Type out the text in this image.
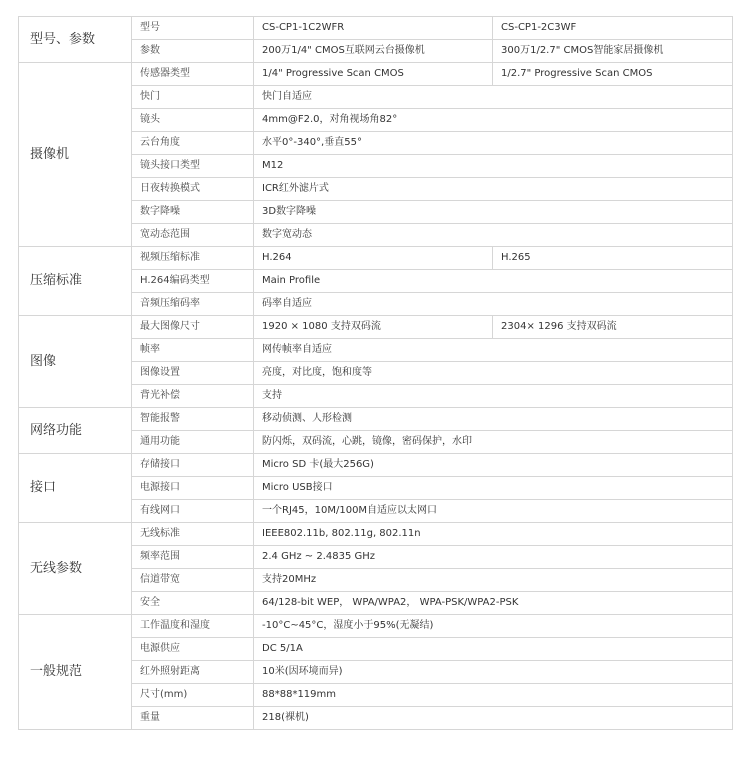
型号、参数	型号	CS-CP1-1C2WFR	CS-CP1-2C3WF
	参数	200万1/4" CMOS互联网云台摄像机	300万1/2.7" CMOS智能家居摄像机
摄像机	传感器类型	1/4" Progressive Scan CMOS	1/2.7" Progressive Scan CMOS
	快门	快门自适应	
	镜头	4mm@F2.0，对角视场角82°	
	云台角度	水平0°-340°,垂直55°	
	镜头接口类型	M12	
	日夜转换模式	ICR红外滤片式	
	数字降噪	3D数字降噪	
	宽动态范围	数字宽动态	
压缩标准	视频压缩标准	H.264	H.265
	H.264编码类型	Main Profile	
	音频压缩码率	码率自适应	
图像	最大图像尺寸	1920 × 1080 支持双码流	2304× 1296 支持双码流
	帧率	网传帧率自适应	
	图像设置	亮度，对比度，饱和度等	
	背光补偿	支持	
网络功能	智能报警	移动侦测、人形检测	
	通用功能	防闪烁，双码流，心跳，镜像，密码保护，水印	
接口	存储接口	Micro SD 卡(最大256G)	
	电源接口	Micro USB接口	
	有线网口	一个RJ45，10M/100M自适应以太网口	
无线参数	无线标准	IEEE802.11b, 802.11g, 802.11n	
	频率范围	2.4 GHz ~ 2.4835 GHz	
	信道带宽	支持20MHz	
	安全	64/128-bit WEP， WPA/WPA2， WPA-PSK/WPA2-PSK	
一般规范	工作温度和湿度	-10°C~45°C，湿度小于95%(无凝结)	
	电源供应	DC 5/1A	
	红外照射距离	10米(因环境而异)	
	尺寸(mm)	88*88*119mm	
	重量	218(裸机)	
